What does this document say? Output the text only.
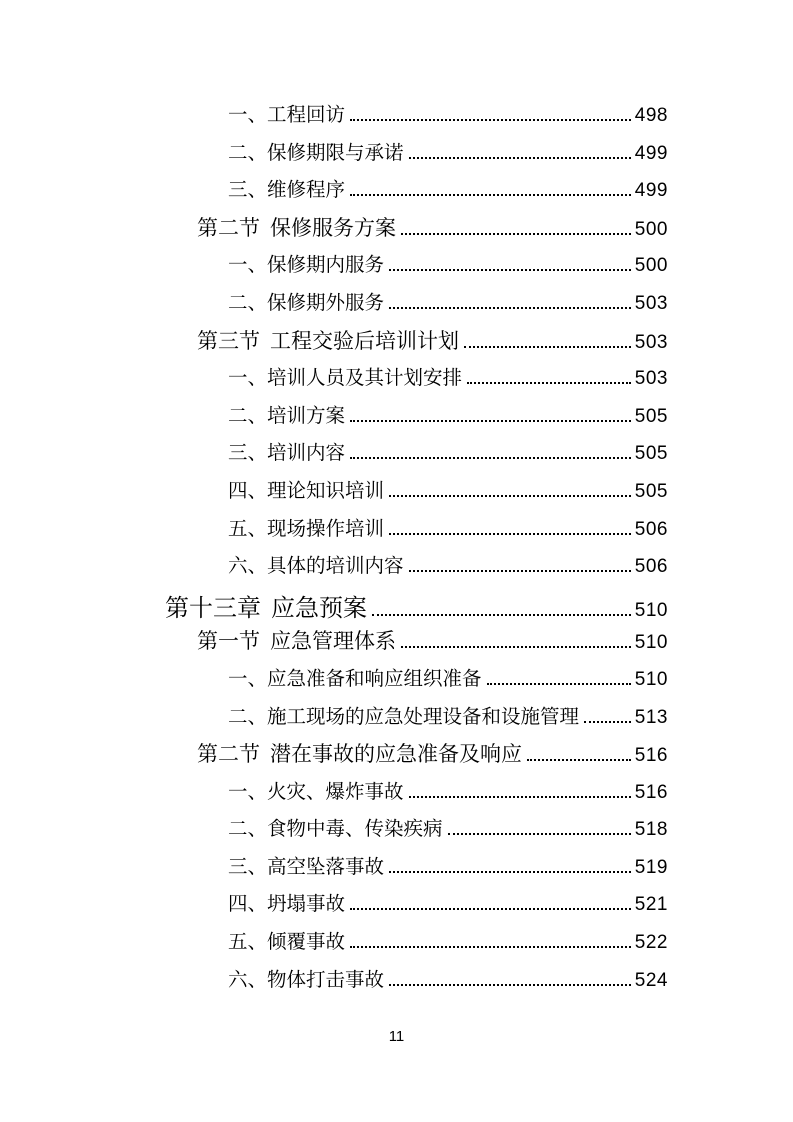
一、 工程回访	498
二、 保修期限与承诺	499
三、 维修程序	499
第二节 保修服务方案	500
一、 保修期内服务	500
二、 保修期外服务	503
第三节 工程交验后培训计划	503
一、 培训人员及其计划安排	503
二、 培训方案	505
三、 培训内容	505
四、 理论知识培训	505
五、 现场操作培训	506
六、 具体的培训内容	506
第十三章 应急预案	510
第一节 应急管理体系	510
一、 应急准备和响应组织准备	510
二、 施工现场的应急处理设备和设施管理	513
第二节 潜在事故的应急准备及响应	516
一、 火灾、爆炸事故	516
二、 食物中毒、传染疾病	518
三、 高空坠落事故	519
四、 坍塌事故	521
五、 倾覆事故	522
六、 物体打击事故	524
11
